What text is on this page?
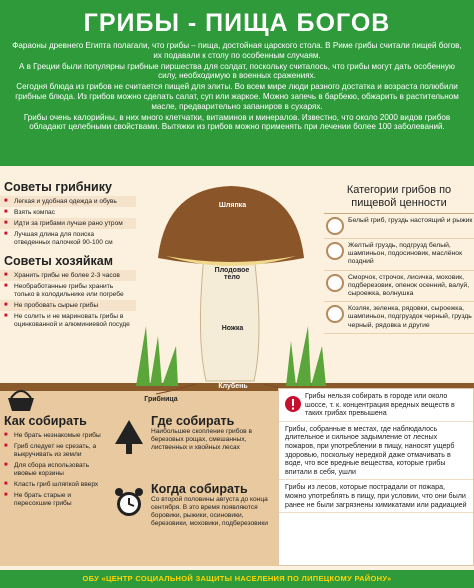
ГРИБЫ - ПИЩА БОГОВ

Фараоны древнего Египта полагали, что грибы – пища, достойная царского стола. В Риме грибы считали пищей богов, их подавали к столу по особенным случаям.

А в Греции были популярны грибные пиршества для солдат, поскольку считалось, что грибы могут дать особенную силу, необходимую в военных сражениях.

Сегодня блюда из грибов не считается пищей для элиты. Во всем мире люди разного достатка и возраста полюбили грибные блюда. Из грибов можно сделать салат, суп или жаркое. Можно запечь в барбекю, обжарить в растительном масле, предварительно запаниров в сухарях.

Грибы очень калорийны, в них много клетчатки, витаминов и минералов. Известно, что около 2000 видов грибов обладают целебными свойствами. Вытяжки из грибов можно применять при лечении более 100 заболеваний.

Шляпка
Плодовое тело
Ножка
Клубень
Грибница
Советы грибнику
■ Легкая и удобная одежда и обувь
■ Взять компас
■ Идти за грибами лучше рано утром
■ Лучшая длина для поиска отведенных палочкой 90-100 см
Советы хозяйкам
■ Хранить грибы не более 2-3 часов
■ Необработанные грибы хранить только в холодильнике или погребе
■ Не пробовать сырые грибы
■ Не солить и не мариновать грибы в оцинкованной и алюминиевой посуде
Категории грибов по пищевой ценности
Белый гриб, груздь настоящий и рыжик
Желтый груздь, подгрузд белый, шампиньон, подосиновик, маслёнок поздний
Сморчок, строчок, лисичка, моховик, подберезовик, опенок осенний, валуй, сыроежка, волнушка
Козляк, зеленка, рядовки, сыроежка, шампиньон, подгруздок черный, груздь черный, рядовка и другие
Как собирать
■ Не брать незнакомые грибы
■ Гриб следует не срезать, а выкручивать из земли
■ Для сбора использовать ивовые корзины
■ Класть гриб шляпкой вверх
■ Не брать старые и пересохшие грибы
Где собирать
Наибольшее скопление грибов в березовых рощах, смешанных, лиственных и хвойных лесах
Когда собирать
Со второй половины августа до конца сентября. В это время появляются боровики, рыжики, осиновики, березовики, моховики, подберезовики

Грибы нельзя собирать в городе или около шоссе, т. к. концентрация вредных веществ в таких грибах превышена

Грибы, собранные в местах, где наблюдалось длительное и сильное задымление от лесных пожаров, при употреблении в пищу, наносят ущерб здоровью, поскольку нередкой даже отмачивать в воде, что все вредные вещества, которые грибы впитали в себя, ушли

Грибы из лесов, которые пострадали от пожара, можно употреблять в пищу, при условии, что они были ранее не были загрязнены химикатами или радиацией

ОБУ «ЦЕНТР СОЦИАЛЬНОЙ ЗАЩИТЫ НАСЕЛЕНИЯ ПО ЛИПЕЦКОМУ РАЙОНУ»
